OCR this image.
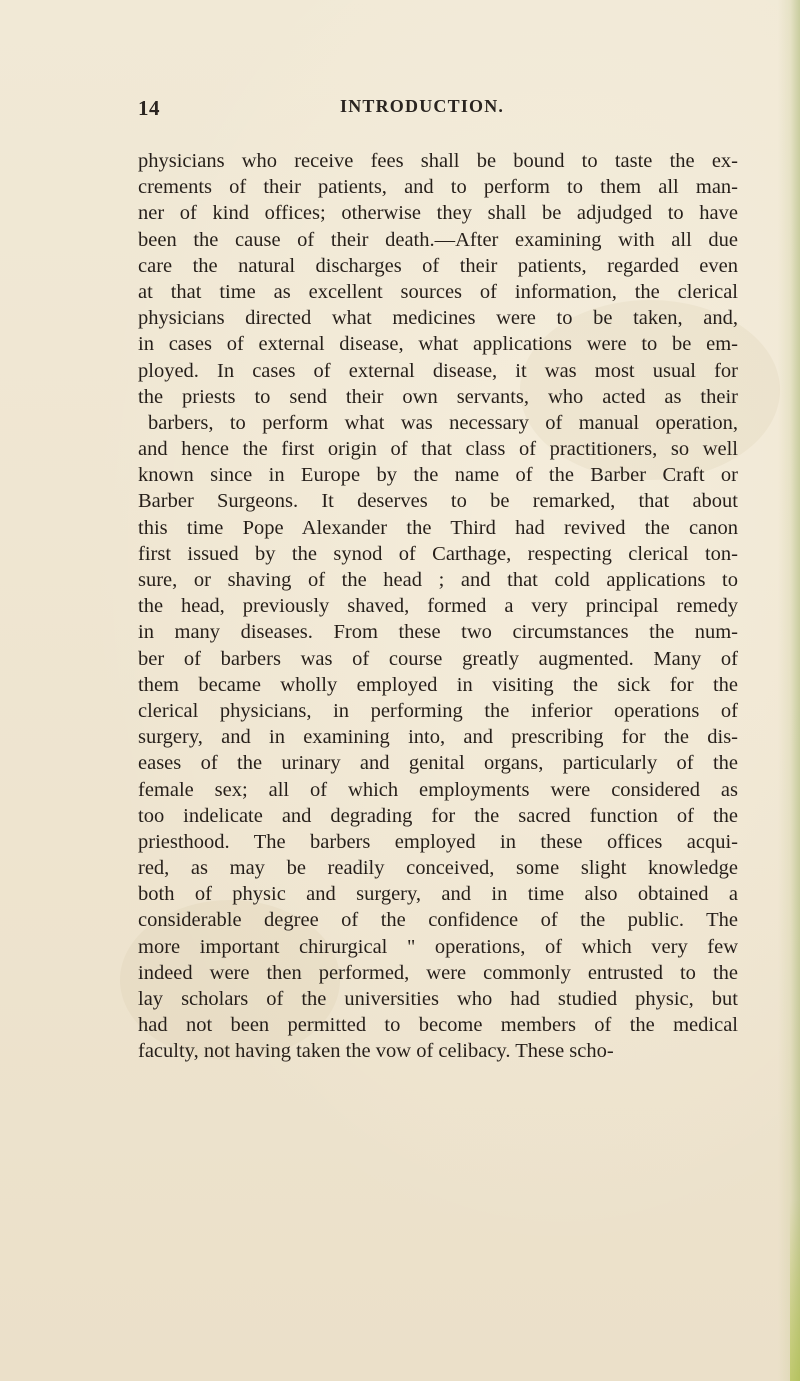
14	INTRODUCTION.
physicians who receive fees shall be bound to taste the ex-
crements of their patients, and to perform to them all man-
ner of kind offices; otherwise they shall be adjudged to have
been the cause of their death.—After examining with all due
care the natural discharges of their patients, regarded even
at that time as excellent sources of information, the clerical
physicians directed what medicines were to be taken, and,
in cases of external disease, what applications were to be em-
ployed. In cases of external disease, it was most usual for
the priests to send their own servants, who acted as their
barbers, to perform what was necessary of manual operation,
and hence the first origin of that class of practitioners, so well
known since in Europe by the name of the Barber Craft or
Barber Surgeons. It deserves to be remarked, that about
this time Pope Alexander the Third had revived the canon
first issued by the synod of Carthage, respecting clerical ton-
sure, or shaving of the head ; and that cold applications to
the head, previously shaved, formed a very principal remedy
in many diseases. From these two circumstances the num-
ber of barbers was of course greatly augmented. Many of
them became wholly employed in visiting the sick for the
clerical physicians, in performing the inferior operations of
surgery, and in examining into, and prescribing for the dis-
eases of the urinary and genital organs, particularly of the
female sex; all of which employments were considered as
too indelicate and degrading for the sacred function of the
priesthood. The barbers employed in these offices acqui-
red, as may be readily conceived, some slight knowledge
both of physic and surgery, and in time also obtained a
considerable degree of the confidence of the public. The
more important chirurgical " operations, of which very few
indeed were then performed, were commonly entrusted to the
lay scholars of the universities who had studied physic, but
had not been permitted to become members of the medical
faculty, not having taken the vow of celibacy. These scho-
